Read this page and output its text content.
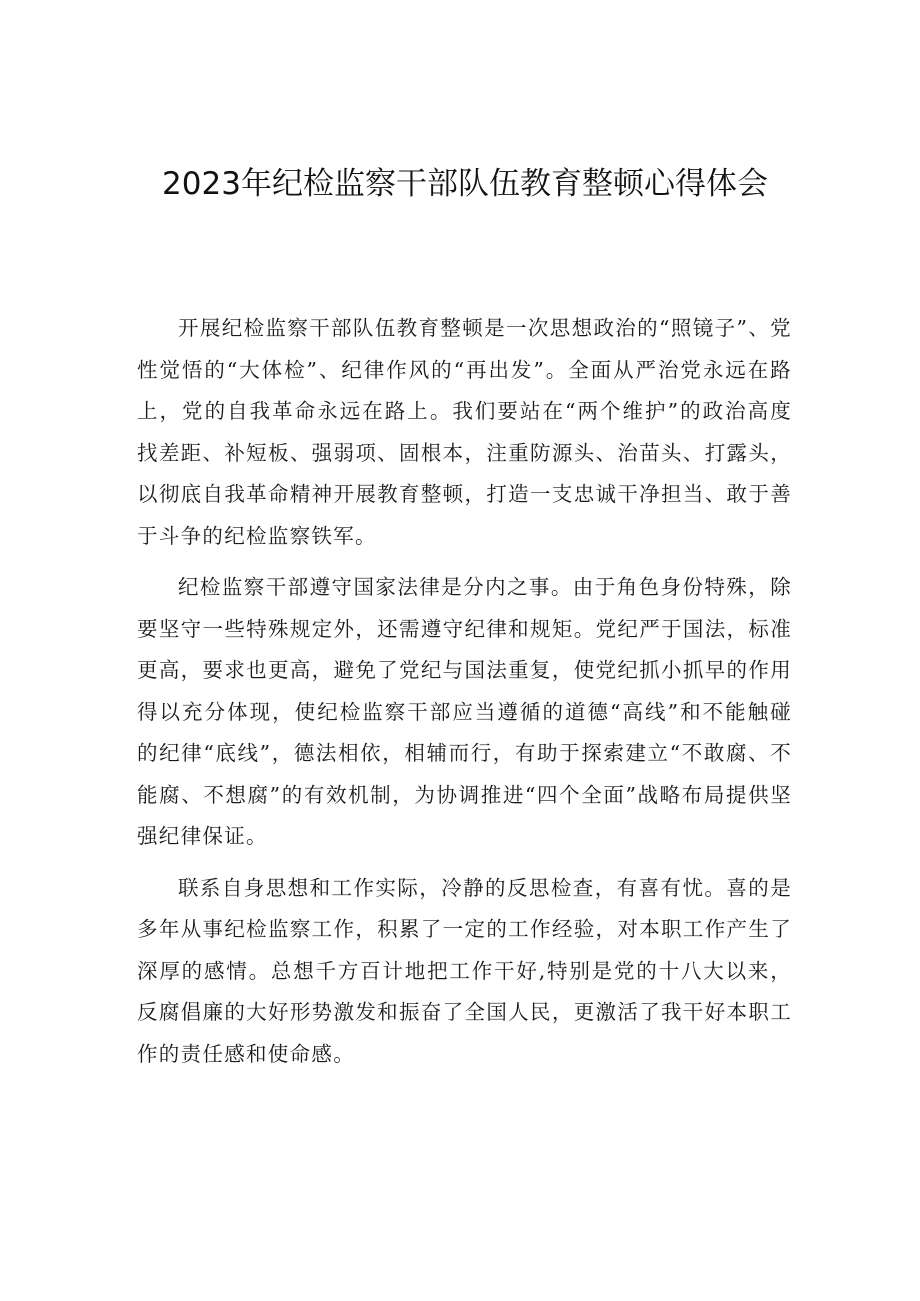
2023年纪检监察干部队伍教育整顿心得体会

开展纪检监察干部队伍教育整顿是一次思想政治的“照镜子”、党性觉悟的“大体检”、纪律作风的“再出发”。全面从严治党永远在路上，党的自我革命永远在路上。我们要站在“两个维护”的政治高度找差距、补短板、强弱项、固根本，注重防源头、治苗头、打露头，以彻底自我革命精神开展教育整顿，打造一支忠诚干净担当、敢于善于斗争的纪检监察铁军。

纪检监察干部遵守国家法律是分内之事。由于角色身份特殊，除要坚守一些特殊规定外，还需遵守纪律和规矩。党纪严于国法，标准更高，要求也更高，避免了党纪与国法重复，使党纪抓小抓早的作用得以充分体现，使纪检监察干部应当遵循的道德“高线”和不能触碰的纪律“底线”，德法相依，相辅而行，有助于探索建立“不敢腐、不能腐、不想腐”的有效机制，为协调推进“四个全面”战略布局提供坚强纪律保证。

联系自身思想和工作实际，冷静的反思检查，有喜有忧。喜的是多年从事纪检监察工作，积累了一定的工作经验，对本职工作产生了深厚的感情。总想千方百计地把工作干好,特别是党的十八大以来，反腐倡廉的大好形势激发和振奋了全国人民，更激活了我干好本职工作的责任感和使命感。
